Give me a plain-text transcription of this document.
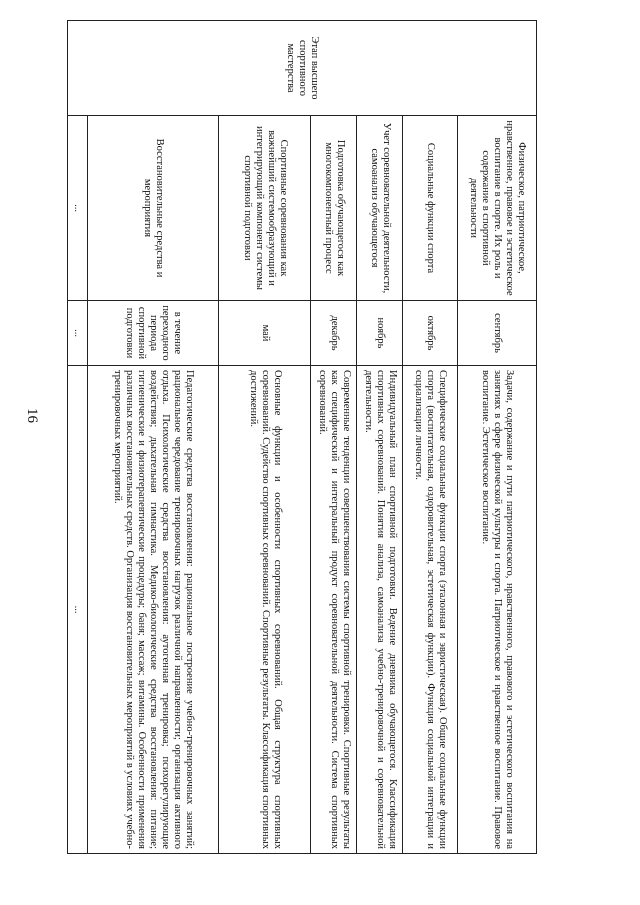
16
Этап высшего спортивного мастерства	Физическое, патриотическое, нравственное, правовое и эстетическое воспитание в спорте. Их роль и содержание в спортивной деятельности	сентябрь	Задачи, содержание и пути патриотического, нравственного, правового и эстетического воспитания на занятиях в сфере физической культуры и спорта. Патриотическое и нравственное воспитание. Правовое воспитание. Эстетическое воспитание.
	Социальные функции спорта	октябрь	Специфические социальные функции спорта (эталонная и эвристическая). Общие социальные функции спорта (воспитательная, оздоровительная, эстетическая функции). Функция социальной интеграции и социализации личности.
	Учет соревновательной деятельности, самоанализ обучающегося	ноябрь	Индивидуальный план спортивной подготовки. Ведение дневника обучающегося. Классификация спортивных соревнований. Понятия анализа, самоанализа учебно-тренировочной и соревновательной деятельности.
	Подготовка обучающегося как многокомпонентный процесс	декабрь	Современные тенденции совершенствования системы спортивной тренировки. Спортивные результаты как специфический и интегральный продукт соревновательной деятельности. Система спортивных соревнований.
	Спортивные соревнования как важнейший системообразующий и интегрирующий компонент системы спортивной подготовки	май	Основные функции и особенности спортивных соревнований. Общая структура спортивных соревнований. Судейство спортивных соревнований. Спортивные результаты. Классификация спортивных достижений.
	Восстановительные средства и мероприятия	в течение переходного периода спортивной подготовки	Педагогические средства восстановления: рациональное построение учебно-тренировочных занятий; рациональное чередование тренировочных нагрузок различной направленности; организация активного отдыха. Психологические средства восстановления: аутогенная тренировка; психорегулирующие воздействия; дыхательная гимнастика. Медико-биологические средства восстановления: питание; гигиенические и физиотерапевтические процедуры; баня; массаж; витамины. Особенности применения различных восстановительных средств. Организация восстановительных мероприятий в условиях учебно-тренировочных мероприятий.
	...	...	...
